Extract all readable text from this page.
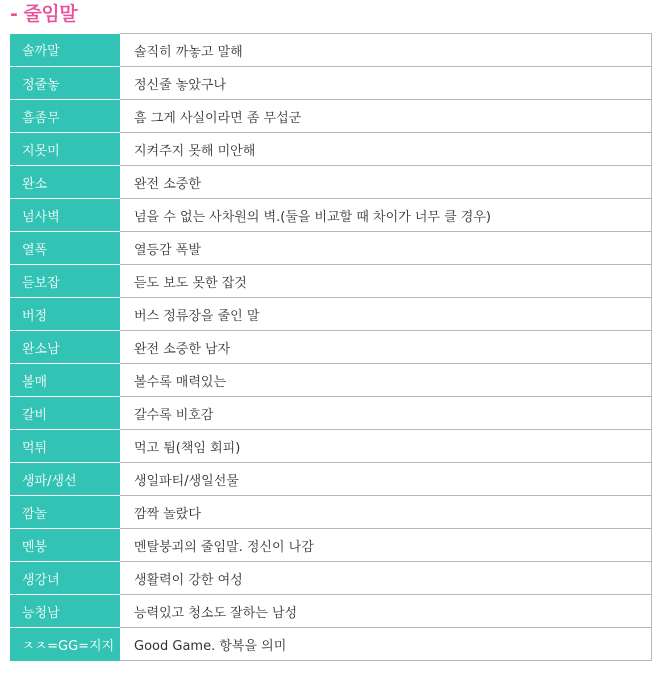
- 줄임말
솔까말	솔직히 까놓고 말해
정줄놓	정신줄 놓았구나
흠좀무	흠 그게 사실이라면 좀 무섭군
지못미	지켜주지 못해 미안해
완소	완전 소중한
넘사벽	넘을 수 없는 사차원의 벽.(둘을 비교할 때 차이가 너무 클 경우)
열폭	열등감 폭발
듣보잡	듣도 보도 못한 잡것
버정	버스 정류장을 줄인 말
완소남	완전 소중한 남자
볼매	볼수록 매력있는
갈비	갈수록 비호감
먹튀	먹고 튐(책임 회피)
생파/생선	생일파티/생일선물
깜놀	깜짝 놀랐다
멘붕	멘탈붕괴의 줄임말. 정신이 나감
생강녀	생활력이 강한 여성
능청남	능력있고 청소도 잘하는 남성
ㅈㅈ=GG=지지	Good Game. 항복을 의미
